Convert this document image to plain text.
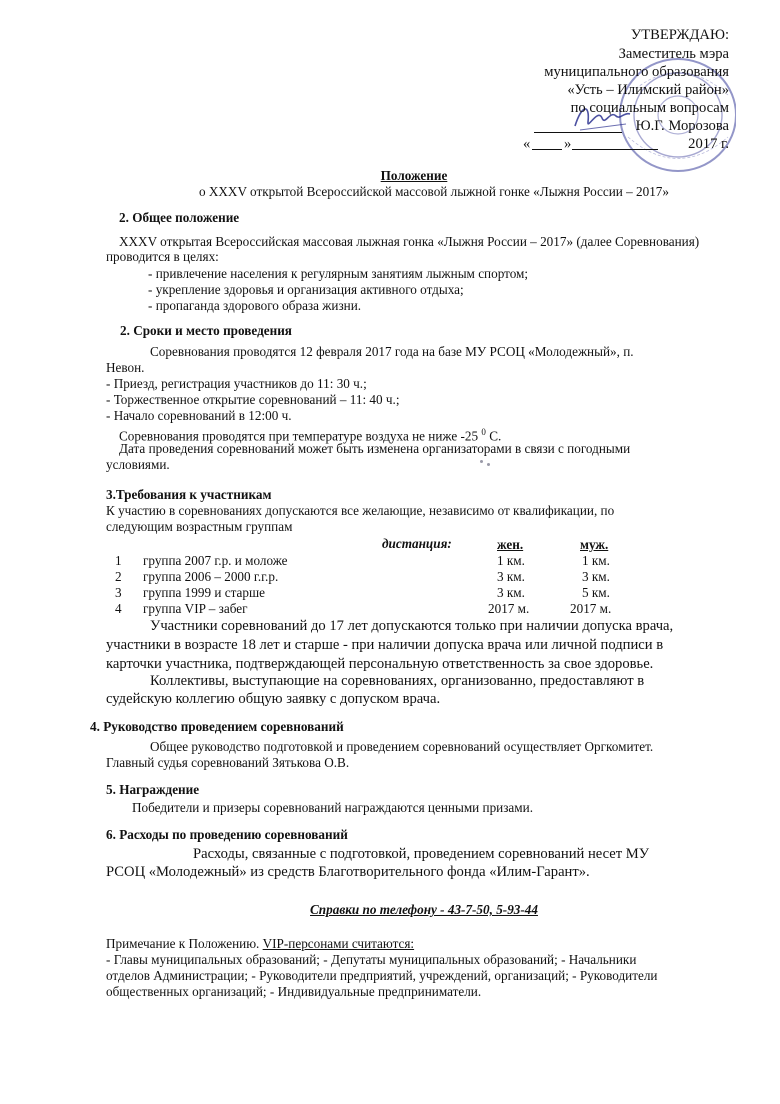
УТВЕРЖДАЮ:
Заместитель мэра
муниципального образования
«Усть – Илимский район»
по социальным вопросам
Ю.Г. Морозова
« »	2017 г.
Положение
о XXXV открытой Всероссийской массовой лыжной гонке «Лыжня России – 2017»
2. Общее положение
XXXV открытая Всероссийская массовая лыжная гонка «Лыжня России – 2017» (далее Соревнования)
проводится в целях:
- привлечение населения к регулярным занятиям лыжным спортом;
- укрепление здоровья и организация активного отдыха;
- пропаганда здорового образа жизни.
2. Сроки и место проведения
Соревнования проводятся 12 февраля 2017 года на базе МУ РСОЦ «Молодежный», п.
Невон.
- Приезд, регистрация участников до 11: 30 ч.;
- Торжественное открытие соревнований – 11: 40 ч.;
- Начало соревнований в 12:00 ч.
Соревнования проводятся при температуре воздуха не ниже -25 $^0$ С.
Дата проведения соревнований может быть изменена организаторами в связи с погодными
условиями.
3.Требования к участникам
К участию в соревнованиях допускаются все желающие, независимо от квалификации, по
следующим возрастным группам
дистанция:	жен.	муж.
1 группа 2007 г.р. и моложе	1 км.	1 км.
2 группа 2006 – 2000 г.г.р.	3 км.	3 км.
3 группа 1999 и старше	3 км.	5 км.
4 группа VIP – забег	2017 м.	2017 м.
Участники соревнований до 17 лет допускаются только при наличии допуска врача,
участники в возрасте 18 лет и старше - при наличии допуска врача или личной подписи в
карточки участника, подтверждающей персональную ответственность за свое здоровье.
Коллективы, выступающие на соревнованиях, организованно, предоставляют в
судейскую коллегию общую заявку с допуском врача.
4. Руководство проведением соревнований
Общее руководство подготовкой и проведением соревнований осуществляет Оргкомитет.
Главный судья соревнований Зятькова О.В.
5. Награждение
Победители и призеры соревнований награждаются ценными призами.
6. Расходы по проведению соревнований
Расходы, связанные с подготовкой, проведением соревнований несет МУ
РСОЦ «Молодежный» из средств Благотворительного фонда «Илим-Гарант».
Справки по телефону - 43-7-50, 5-93-44
Примечание к Положению. VIP-персонами считаются:
- Главы муниципальных образований; - Депутаты муниципальных образований; - Начальники
отделов Администрации; - Руководители предприятий, учреждений, организаций; - Руководители
общественных организаций; - Индивидуальные предприниматели.
